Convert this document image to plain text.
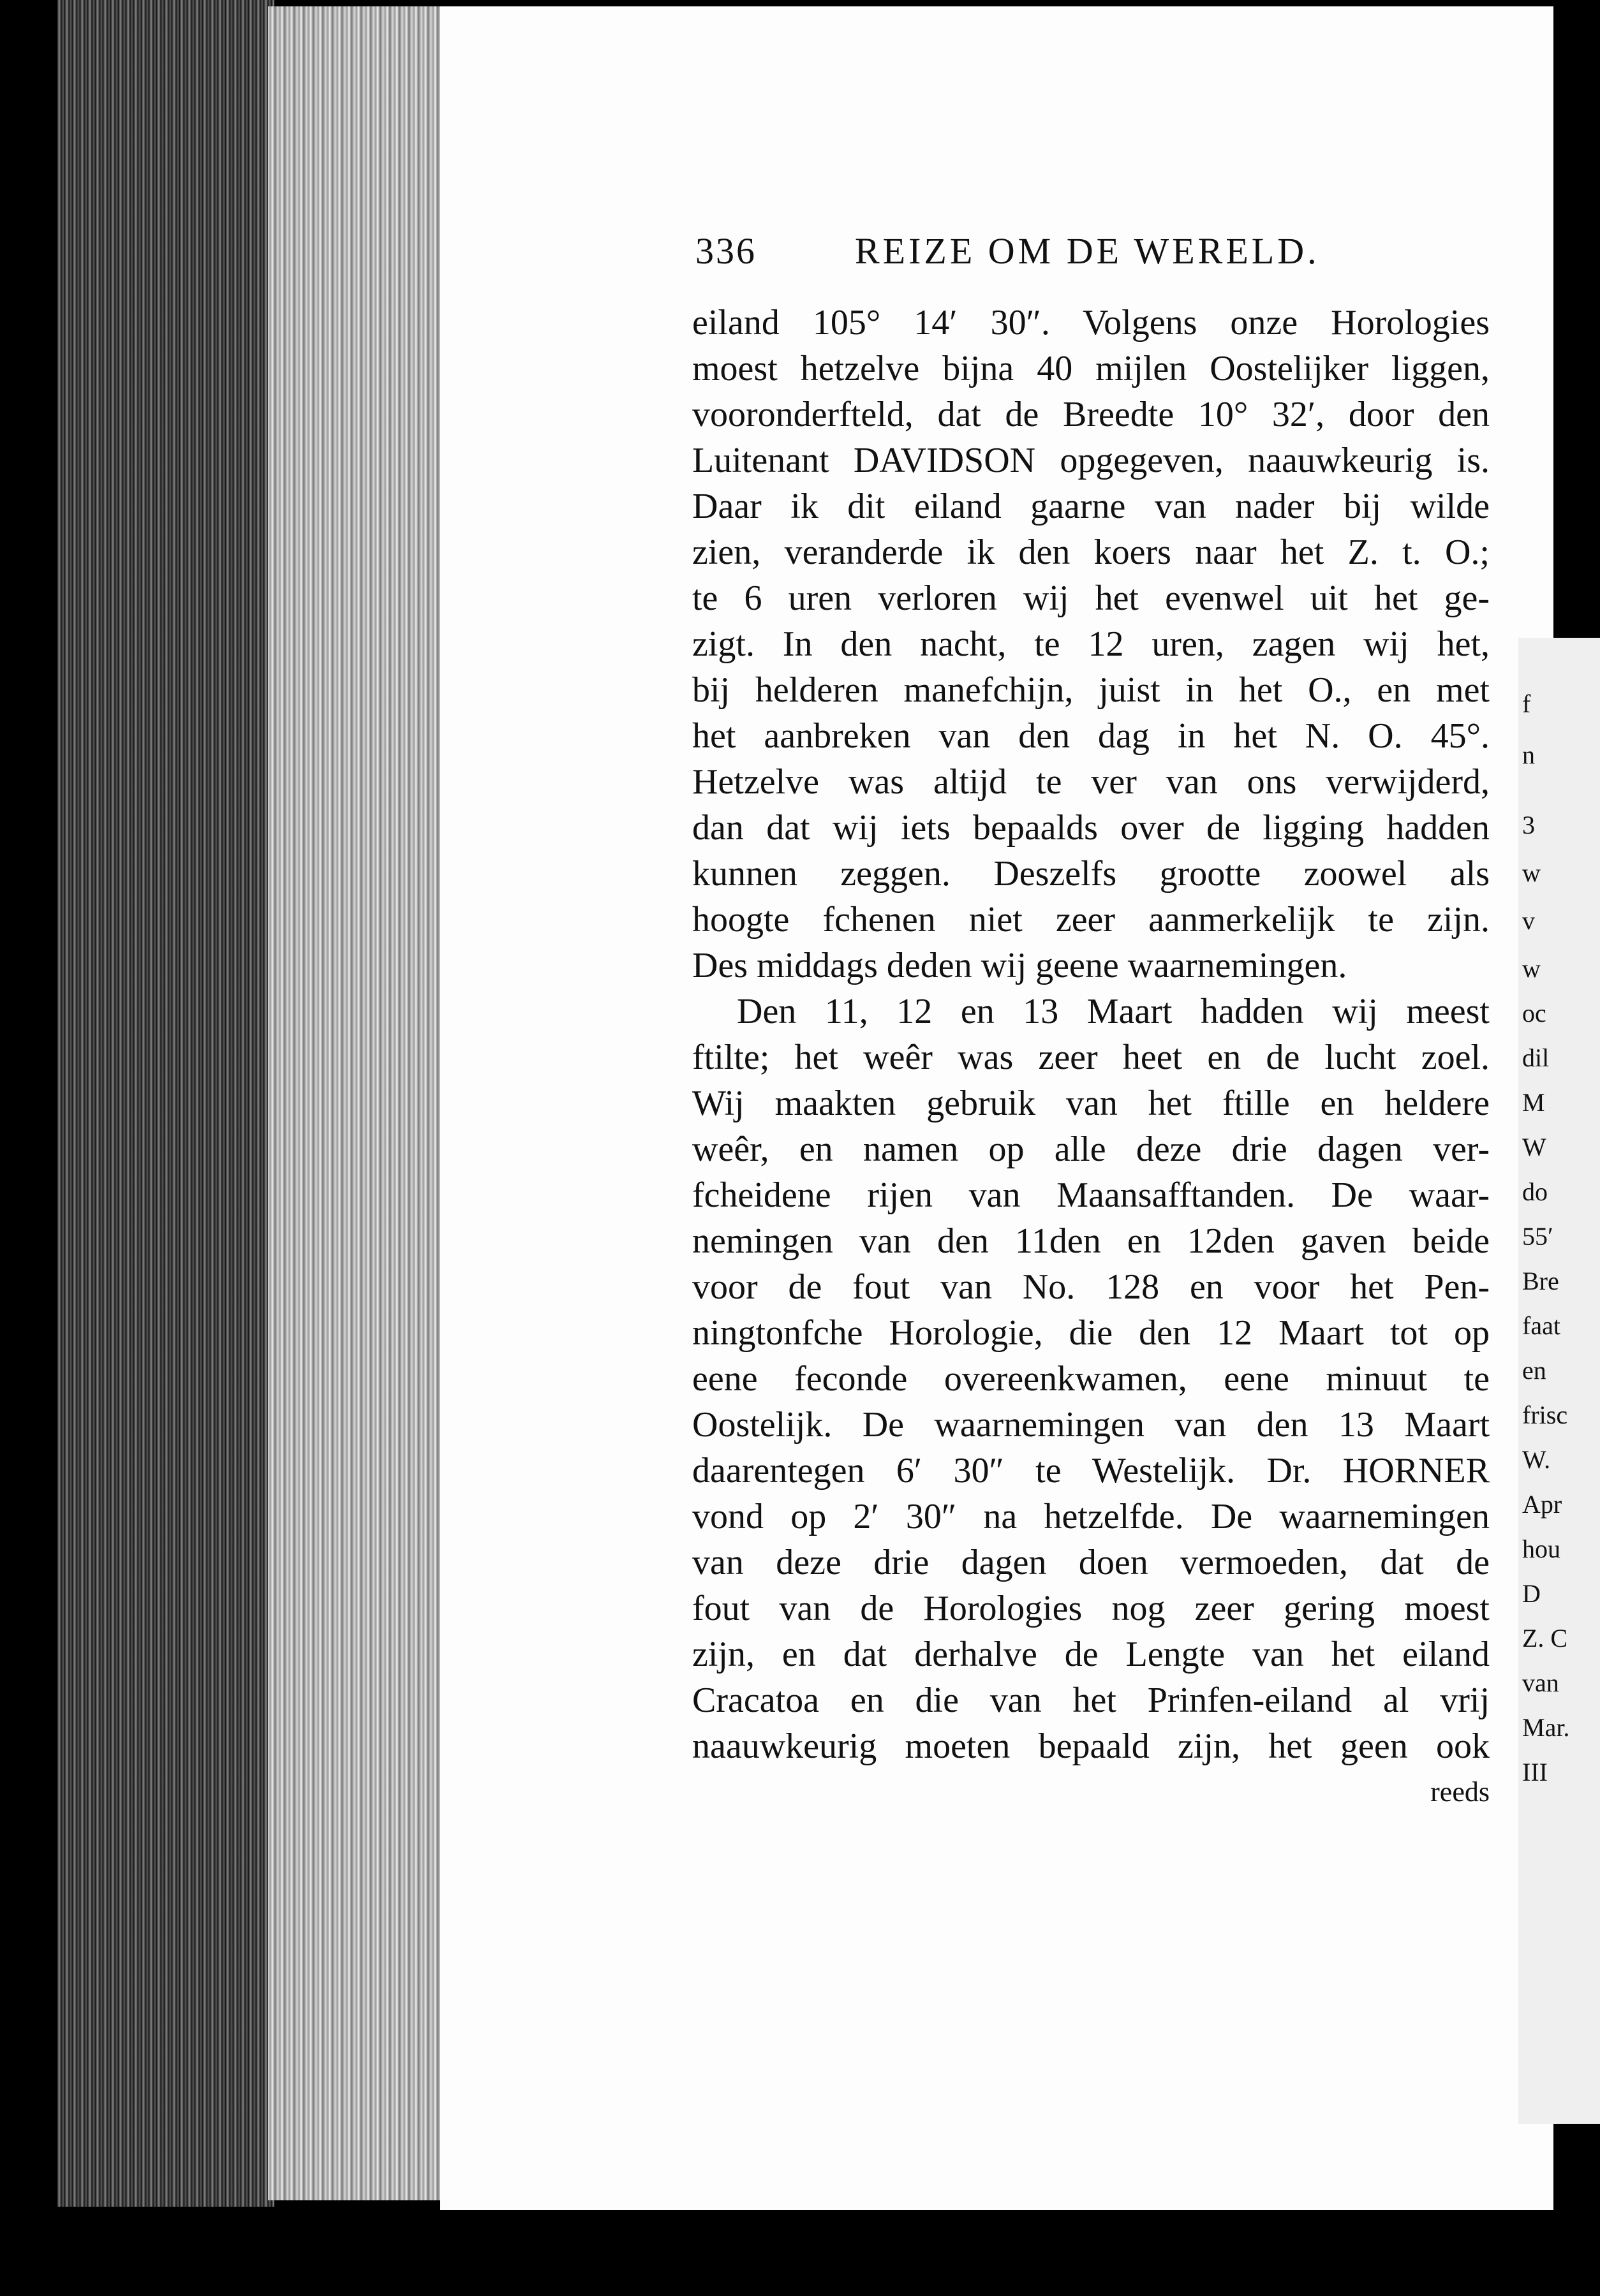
336	REIZE OM DE WERELD.
eiland 105° 14′ 30″. Volgens onze Horologies
moest hetzelve bijna 40 mijlen Oostelijker liggen,
vooronderfteld, dat de Breedte 10° 32′, door den
Luitenant DAVIDSON opgegeven, naauwkeurig is.
Daar ik dit eiland gaarne van nader bij wilde
zien, veranderde ik den koers naar het Z. t. O.;
te 6 uren verloren wij het evenwel uit het ge-
zigt. In den nacht, te 12 uren, zagen wij het,
bij helderen manefchijn, juist in het O., en met
het aanbreken van den dag in het N. O. 45°.
Hetzelve was altijd te ver van ons verwijderd,
dan dat wij iets bepaalds over de ligging hadden
kunnen zeggen. Deszelfs grootte zoowel als
hoogte fchenen niet zeer aanmerkelijk te zijn.
Des middags deden wij geene waarnemingen.
Den 11, 12 en 13 Maart hadden wij meest
ftilte; het weêr was zeer heet en de lucht zoel.
Wij maakten gebruik van het ftille en heldere
weêr, en namen op alle deze drie dagen ver-
fcheidene rijen van Maansafftanden. De waar-
nemingen van den 11den en 12den gaven beide
voor de fout van No. 128 en voor het Pen-
ningtonfche Horologie, die den 12 Maart tot op
eene feconde overeenkwamen, eene minuut te
Oostelijk. De waarnemingen van den 13 Maart
daarentegen 6′ 30″ te Westelijk. Dr. HORNER
vond op 2′ 30″ na hetzelfde. De waarnemingen
van deze drie dagen doen vermoeden, dat de
fout van de Horologies nog zeer gering moest
zijn, en dat derhalve de Lengte van het eiland
Cracatoa en die van het Prinfen-eiland al vrij
naauwkeurig moeten bepaald zijn, het geen ook
reeds
f
n
3
w
v
w
oc
dil
M
W
do
55′
Bre
faat
en
frisc
W.
Apr
hou
D
Z. C
van
Mar.
III
